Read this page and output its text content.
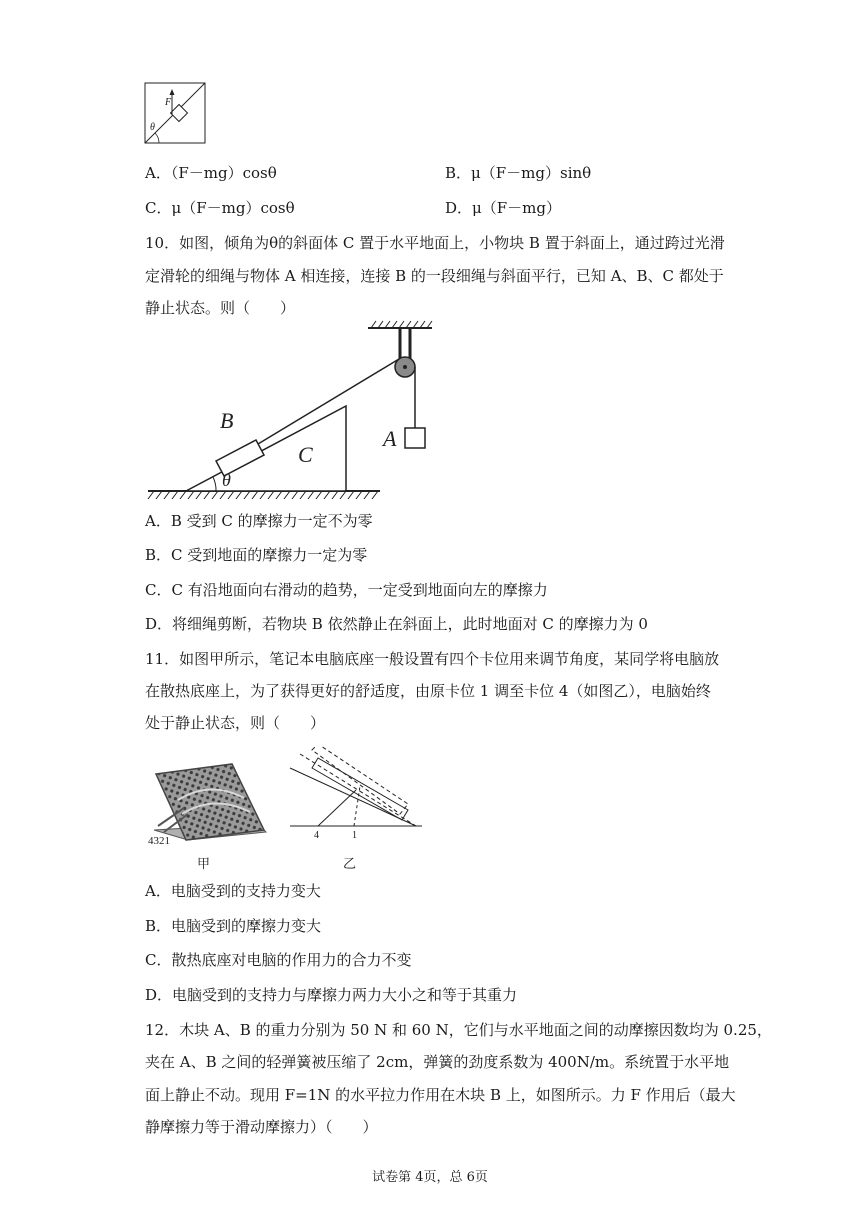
F
θ
A．（F－mg）cosθ	B．μ（F－mg）sinθ
C．μ（F－mg）cosθ	D．μ（F－mg）
10．如图，倾角为θ的斜面体 C 置于水平地面上，小物块 B 置于斜面上，通过跨过光滑
定滑轮的细绳与物体 A 相连接，连接 B 的一段细绳与斜面平行，已知 A、B、C 都处于
静止状态。则（　　）
B
C
A
θ
A．B 受到 C 的摩擦力一定不为零
B．C 受到地面的摩擦力一定为零
C．C 有沿地面向右滑动的趋势，一定受到地面向左的摩擦力
D．将细绳剪断，若物块 B 依然静止在斜面上，此时地面对 C 的摩擦力为 0
11．如图甲所示，笔记本电脑底座一般设置有四个卡位用来调节角度，某同学将电脑放
在散热底座上，为了获得更好的舒适度，由原卡位 1 调至卡位 4（如图乙），电脑始终
处于静止状态，则（　　）
4321
甲
4	1
乙
A．电脑受到的支持力变大
B．电脑受到的摩擦力变大
C．散热底座对电脑的作用力的合力不变
D．电脑受到的支持力与摩擦力两力大小之和等于其重力
12．木块 A、B 的重力分别为 50 N 和 60 N，它们与水平地面之间的动摩擦因数均为 0.25，
夹在 A、B 之间的轻弹簧被压缩了 2cm，弹簧的劲度系数为 400N/m。系统置于水平地
面上静止不动。现用 F=1N 的水平拉力作用在木块 B 上，如图所示。力 F 作用后（最大
静摩擦力等于滑动摩擦力）（　　）
试卷第 4页，总 6页
